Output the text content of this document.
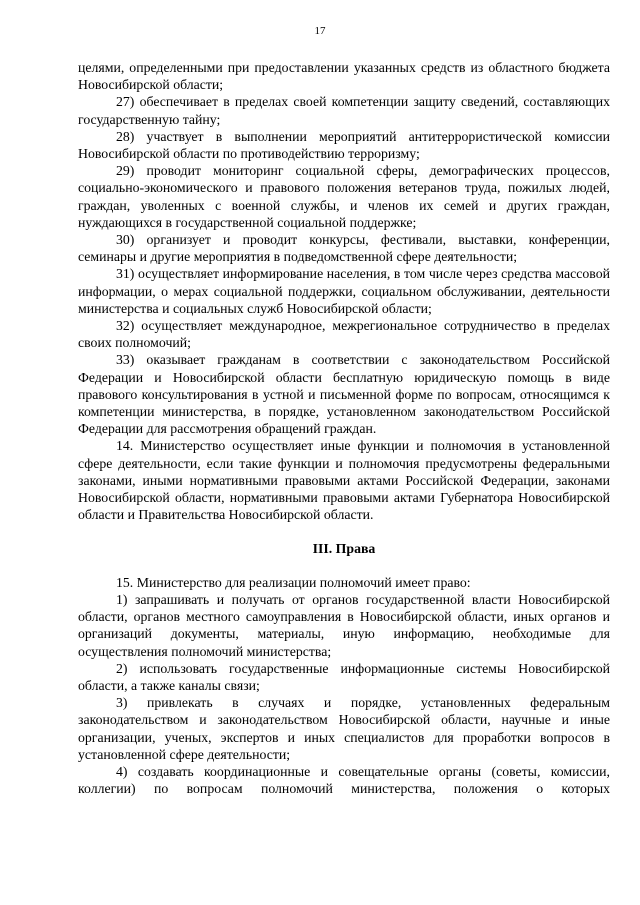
17

целями, определенными при предоставлении указанных средств из областного бюджета Новосибирской области;

27) обеспечивает в пределах своей компетенции защиту сведений, составляющих государственную тайну;

28) участвует в выполнении мероприятий антитеррористической комиссии Новосибирской области по противодействию терроризму;

29) проводит мониторинг социальной сферы, демографических процессов, социально-экономического и правового положения ветеранов труда, пожилых людей, граждан, уволенных с военной службы, и членов их семей и других граждан, нуждающихся в государственной социальной поддержке;

30) организует и проводит конкурсы, фестивали, выставки, конференции, семинары и другие мероприятия в подведомственной сфере деятельности;

31) осуществляет информирование населения, в том числе через средства массовой информации, о мерах социальной поддержки, социальном обслуживании, деятельности министерства и социальных служб Новосибирской области;

32) осуществляет международное, межрегиональное сотрудничество в пределах своих полномочий;

33) оказывает гражданам в соответствии с законодательством Российской Федерации и Новосибирской области бесплатную юридическую помощь в виде правового консультирования в устной и письменной форме по вопросам, относящимся к компетенции министерства, в порядке, установленном законодательством Российской Федерации для рассмотрения обращений граждан.

14. Министерство осуществляет иные функции и полномочия в установленной сфере деятельности, если такие функции и полномочия предусмотрены федеральными законами, иными нормативными правовыми актами Российской Федерации, законами Новосибирской области, нормативными правовыми актами Губернатора Новосибирской области и Правительства Новосибирской области.

III. Права

15. Министерство для реализации полномочий имеет право:

1) запрашивать и получать от органов государственной власти Новосибирской области, органов местного самоуправления в Новосибирской области, иных органов и организаций документы, материалы, иную информацию, необходимые для осуществления полномочий министерства;

2) использовать государственные информационные системы Новосибирской области, а также каналы связи;

3) привлекать в случаях и порядке, установленных федеральным законодательством и законодательством Новосибирской области, научные и иные организации, ученых, экспертов и иных специалистов для проработки вопросов в установленной сфере деятельности;

4) создавать координационные и совещательные органы (советы, комиссии, коллегии) по вопросам полномочий министерства, положения о которых
